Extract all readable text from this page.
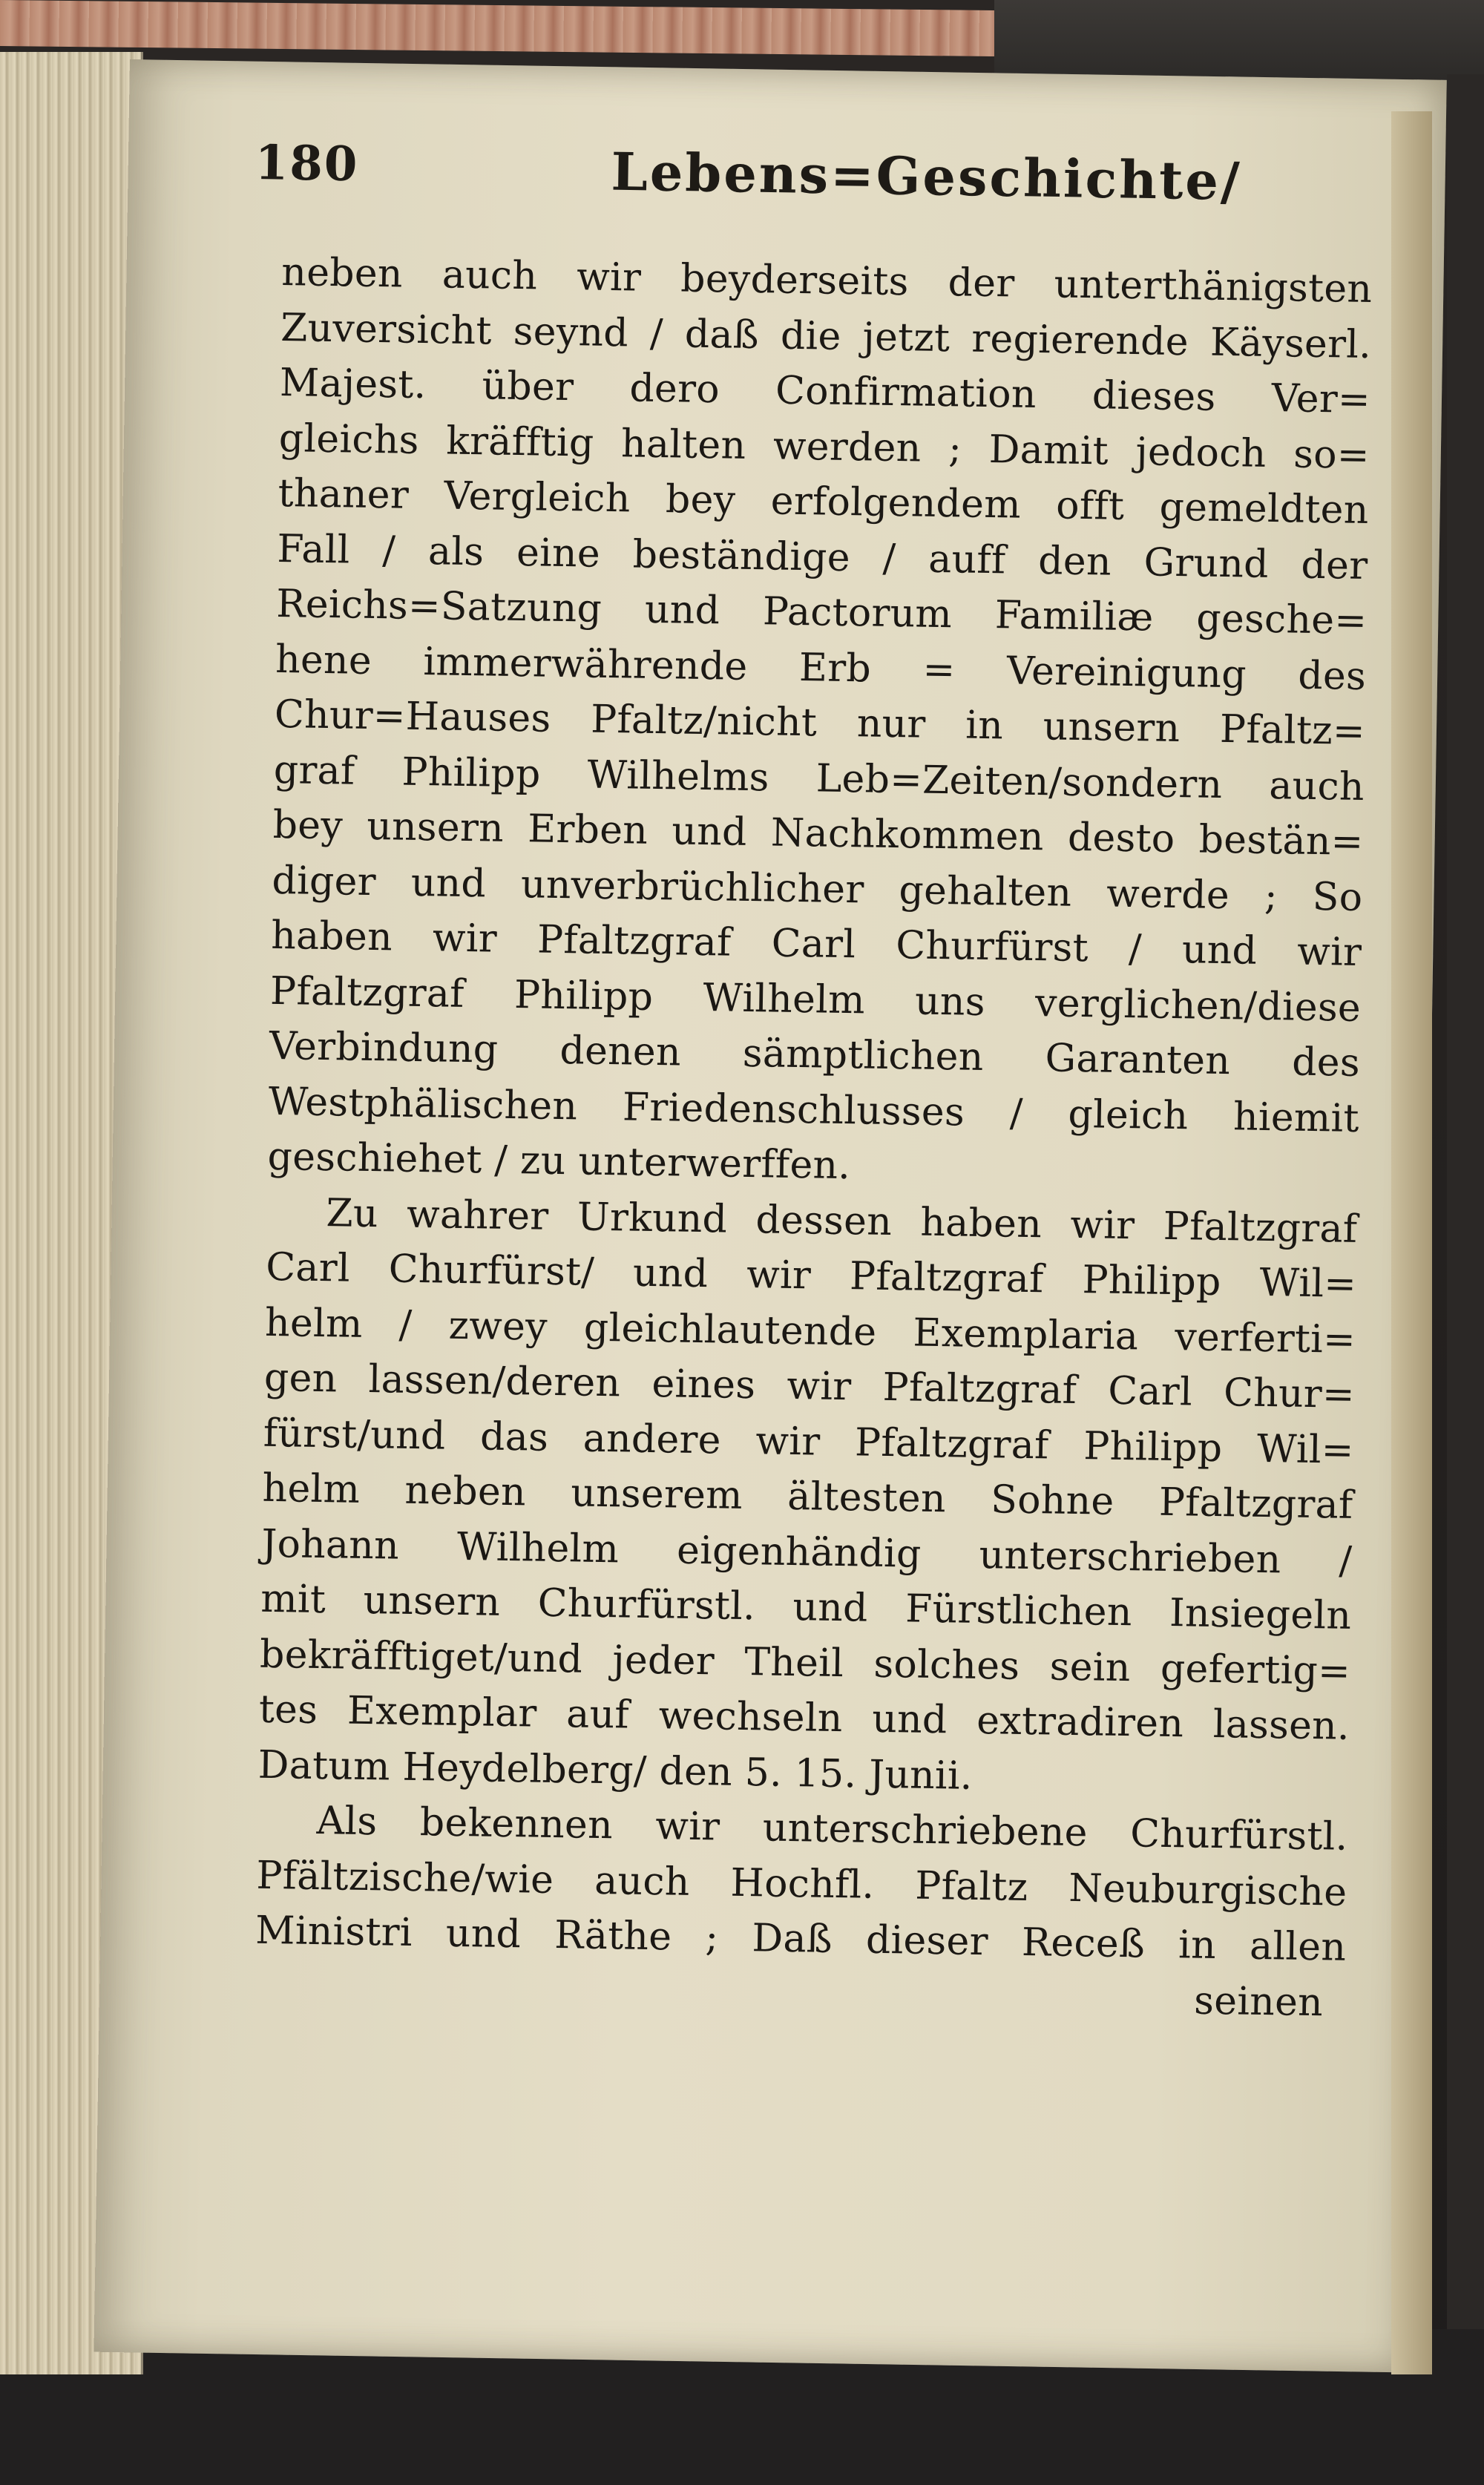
180	Lebens=Geschichte/
neben auch wir beyderseits der unterthänigsten
Zuversicht seynd / daß die jetzt regierende Käyserl.
Majest. über dero Confirmation dieses Ver=
gleichs kräfftig halten werden ; Damit jedoch so=
thaner Vergleich bey erfolgendem offt gemeldten
Fall / als eine beständige / auff den Grund der
Reichs=Satzung und Pactorum Familiæ gesche=
hene immerwährende Erb = Vereinigung des
Chur=Hauses Pfaltz/nicht nur in unsern Pfaltz=
graf Philipp Wilhelms Leb=Zeiten/sondern auch
bey unsern Erben und Nachkommen desto bestän=
diger und unverbrüchlicher gehalten werde ; So
haben wir Pfaltzgraf Carl Churfürst / und wir
Pfaltzgraf Philipp Wilhelm uns verglichen/diese
Verbindung denen sämptlichen Garanten des
Westphälischen Friedenschlusses / gleich hiemit
geschiehet / zu unterwerffen.
Zu wahrer Urkund dessen haben wir Pfaltzgraf
Carl Churfürst/ und wir Pfaltzgraf Philipp Wil=
helm / zwey gleichlautende Exemplaria verferti=
gen lassen/deren eines wir Pfaltzgraf Carl Chur=
fürst/und das andere wir Pfaltzgraf Philipp Wil=
helm neben unserem ältesten Sohne Pfaltzgraf
Johann Wilhelm eigenhändig unterschrieben /
mit unsern Churfürstl. und Fürstlichen Insiegeln
bekräfftiget/und jeder Theil solches sein gefertig=
tes Exemplar auf wechseln und extradiren lassen.
Datum Heydelberg/ den 5. 15. Junii.
Als bekennen wir unterschriebene Churfürstl.
Pfältzische/wie auch Hochfl. Pfaltz Neuburgische
Ministri und Räthe ; Daß dieser Receß in allen
seinen
